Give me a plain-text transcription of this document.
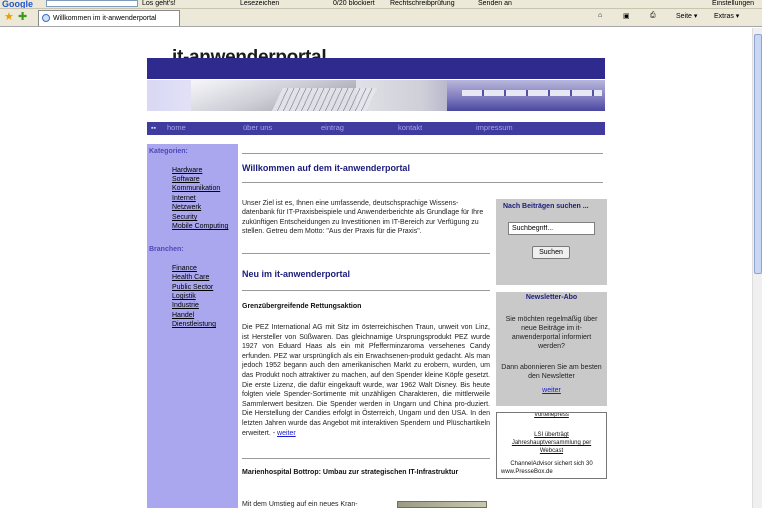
Google	Los geht's!	Lesezeichen	0/20 blockiert Rechtschreibprüfung	Senden an	Einstellungen
★ ✚	Willkommen im it-anwenderportal	⌂	▣	⎙	Seite ▾ Extras ▾
▪▪ home	über uns	eintrag	kontakt	impressum
Kategorien:
Hardware
Software
Kommunikation
Internet
Netzwerk
Security
Mobile Computing
Branchen:
Finance
Health Care
Public Sector
Logistik
Industrie
Handel
Dienstleistung
Willkommen auf dem it-anwenderportal
Unser Ziel ist es, Ihnen eine umfassende, deutschsprachige Wissens-datenbank für IT-Praxisbeispiele und Anwenderberichte als Grundlage für Ihre zukünftigen Entscheidungen zu Investitionen im IT-Bereich zur Verfügung zu stellen. Getreu dem Motto: "Aus der Praxis für die Praxis".
Neu im it-anwenderportal
Grenzübergreifende Rettungsaktion
Die PEZ International AG mit Sitz im österreichischen Traun, unweit von Linz, ist Hersteller von Süßwaren. Das gleichnamige Ursprungsprodukt PEZ wurde 1927 von Eduard Haas als ein mit Pfefferminzaroma versehenes Candy erfunden. PEZ war ursprünglich als ein Erwachsenen-produkt gedacht. Als man jedoch 1952 begann auch den amerikanischen Markt zu erobern, wurden, um das Produkt noch attraktiver zu machen, auf den Spender kleine Köpfe gesetzt. Die erste Lizenz, die dafür eingekauft wurde, war 1962 Walt Disney. Bis heute folgten viele Spender-Sortimente mit unzähligen Charakteren, die mittlerweile Sammlerwert besitzen. Die Spender werden in Ungarn und China pro-duziert. Die Herstellung der Candies erfolgt in Österreich, Ungarn und den USA. In den letzten Jahren wurde das Angebot mit interaktiven Spendern und Plüschartikeln erweitert. - weiter
Marienhospital Bottrop: Umbau zur strategischen IT-Infrastruktur
Mit dem Umstieg auf ein neues Kran-
Nach Beiträgen suchen ...
Suchbegriff...
Suchen
Newsletter-Abo
Sie möchten regelmäßig über neue Beiträge im it-anwenderportal informiert werden?
Dann abonnieren Sie am besten den Newsletter
weiter
Vorteilepress
LSI überträgt Jahreshauptversammlung per Webcast
ChannelAdvisor sichert sich 30
www.PresseBox.de
